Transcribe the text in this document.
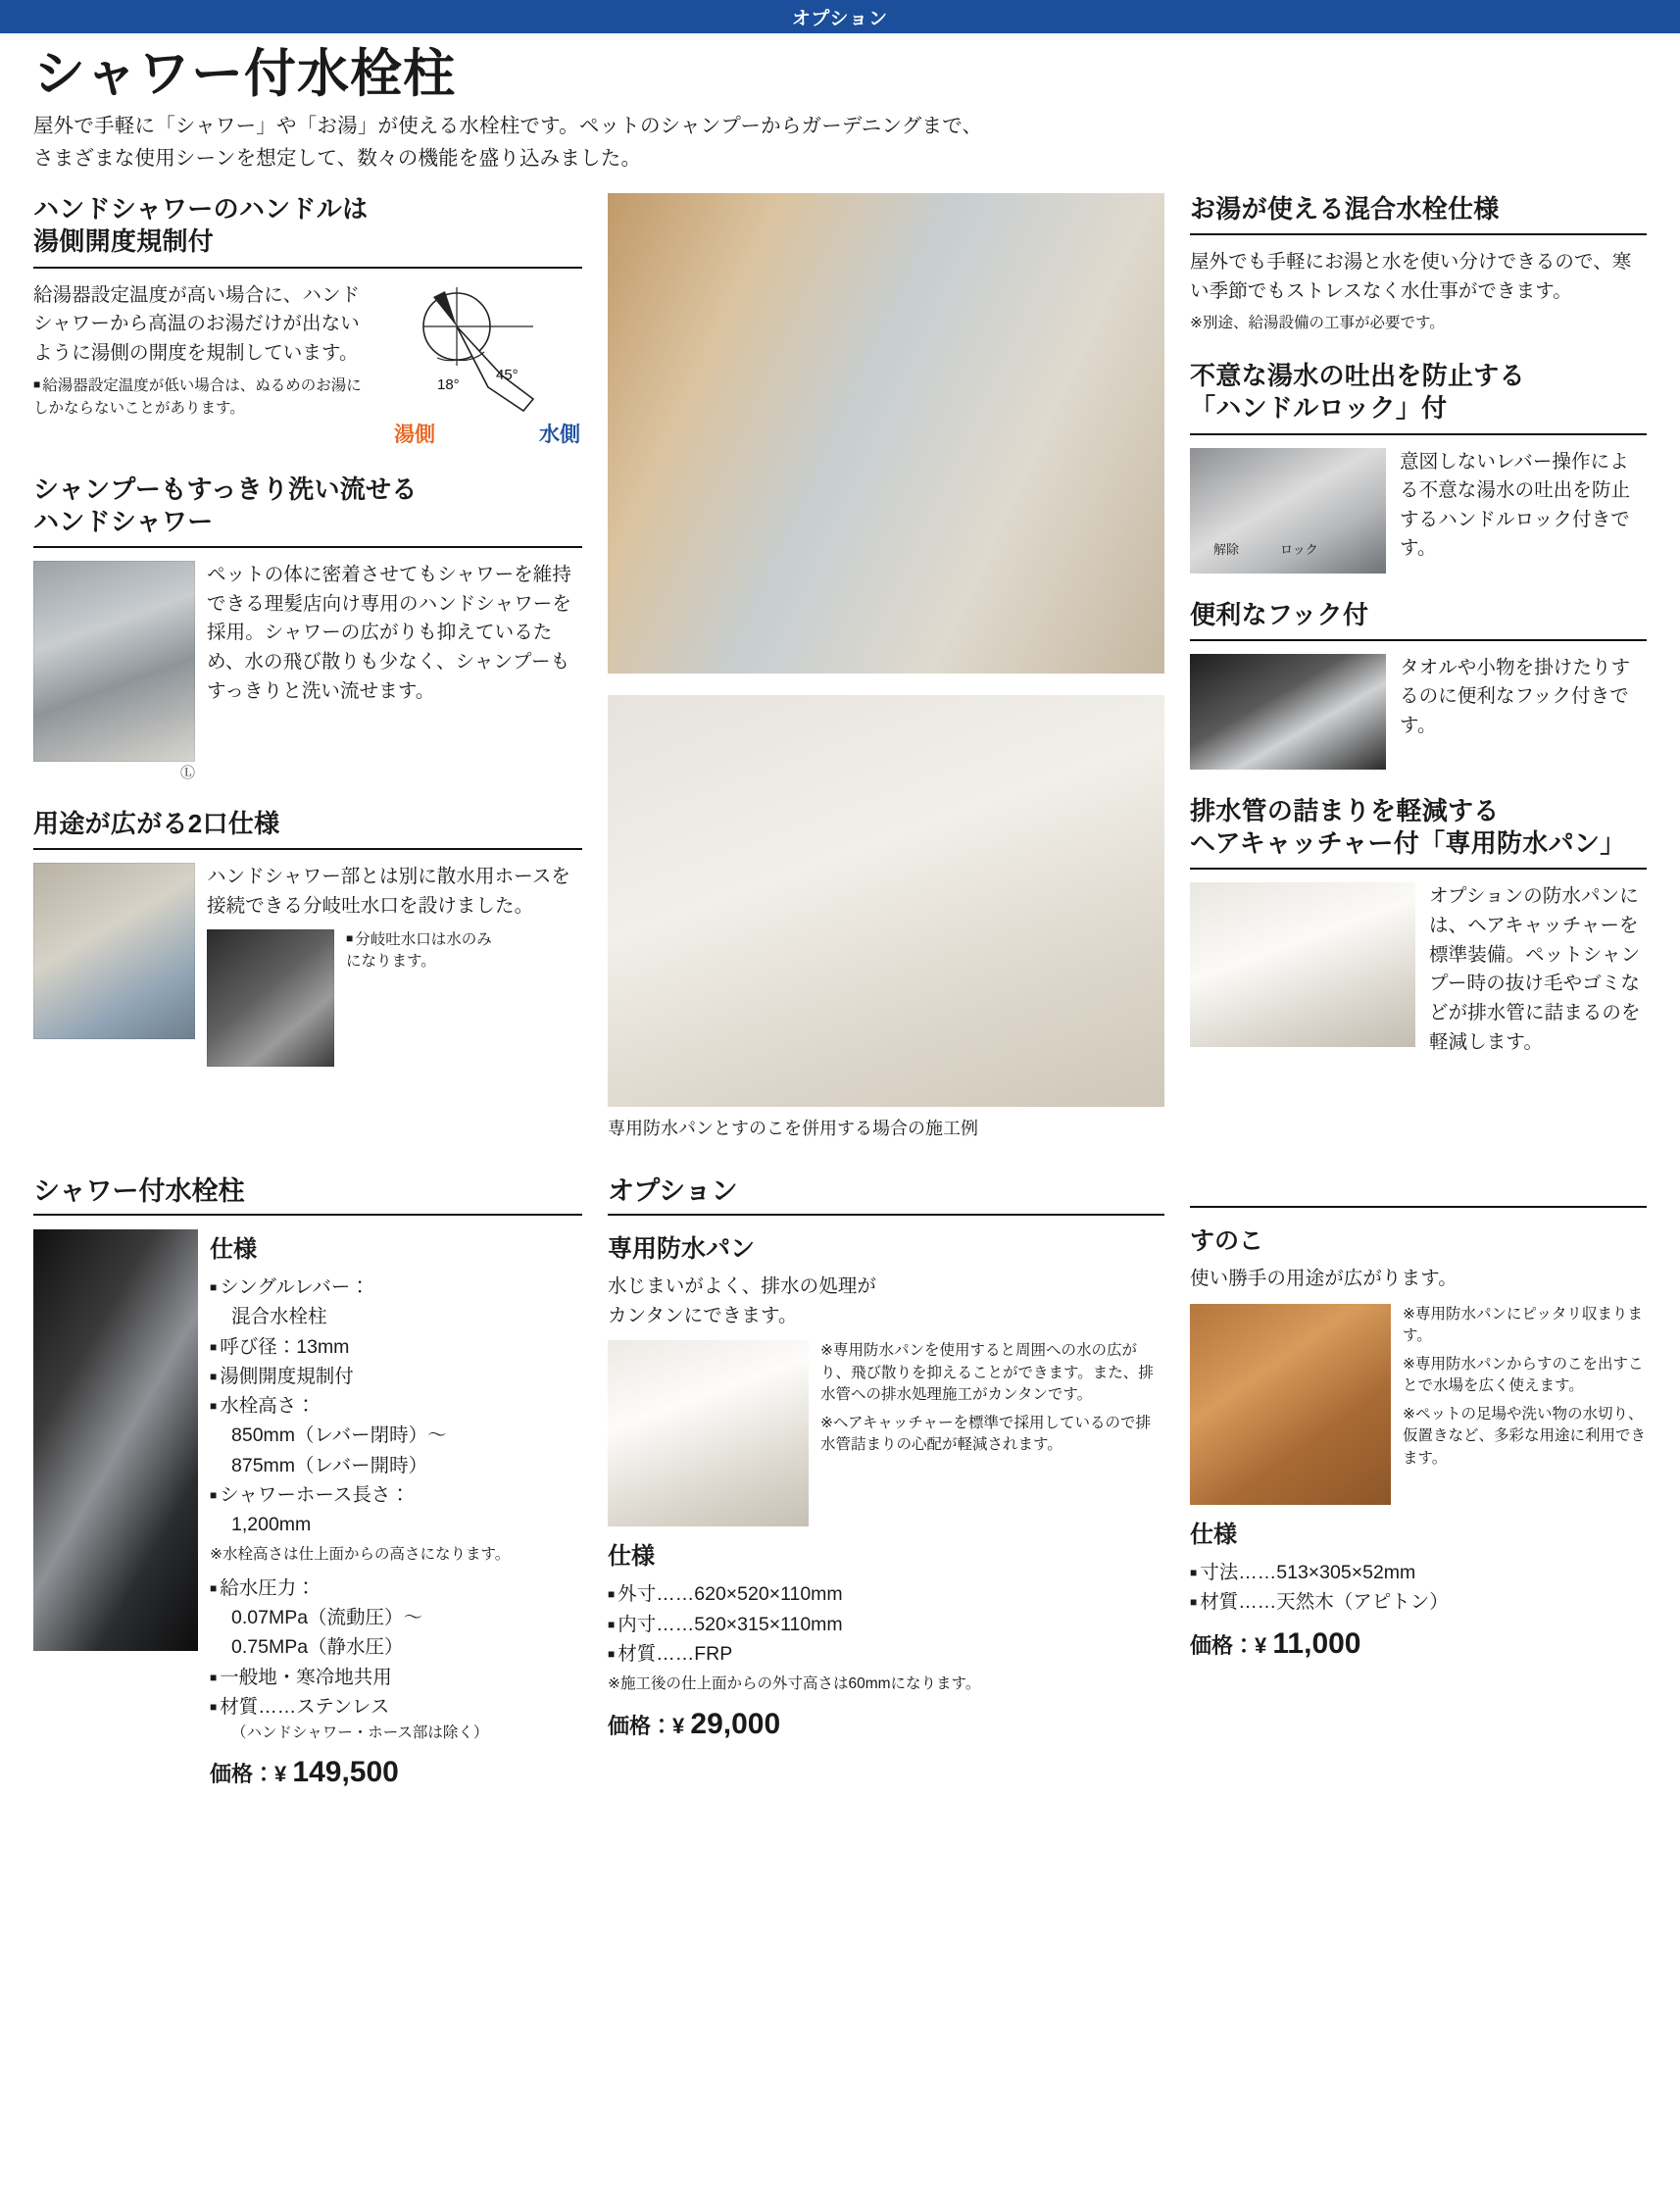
オプション
シャワー付水栓柱

屋外で手軽に「シャワー」や「お湯」が使える水栓柱です。ペットのシャンプーからガーデニングまで、

さまざまな使用シーンを想定して、数々の機能を盛り込みました。

ハンドシャワーのハンドルは
湯側開度規制付

給湯器設定温度が高い場合に、ハンドシャワーから高温のお湯だけが出ないように湯側の開度を規制しています。

■ 給湯器設定温度が低い場合は、ぬるめのお湯にしかならないことがあります。

18°
45°
湯側	水側
シャンプーもすっきり洗い流せる
ハンドシャワー
Ⓛ

ペットの体に密着させてもシャワーを維持できる理髪店向け専用のハンドシャワーを採用。シャワーの広がりも抑えているため、水の飛び散りも少なく、シャンプーもすっきりと洗い流せます。

用途が広がる2口仕様

ハンドシャワー部とは別に散水用ホースを接続できる分岐吐水口を設けました。

■ 分岐吐水口は水のみになります。

専用防水パンとすのこを併用する場合の施工例
お湯が使える混合水栓仕様

屋外でも手軽にお湯と水を使い分けできるので、寒い季節でもストレスなく水仕事ができます。

※別途、給湯設備の工事が必要です。

不意な湯水の吐出を防止する
「ハンドルロック」付
解除	ロック

意図しないレバー操作による不意な湯水の吐出を防止するハンドルロック付きです。

便利なフック付

タオルや小物を掛けたりするのに便利なフック付きです。

排水管の詰まりを軽減する
ヘアキャッチャー付「専用防水パン」

オプションの防水パンには、ヘアキャッチャーを標準装備。ペットシャンプー時の抜け毛やゴミなどが排水管に詰まるのを軽減します。

シャワー付水栓柱
仕様
■ シングルレバー：
混合水栓柱
■ 呼び径：13mm
■ 湯側開度規制付
■ 水栓高さ：
850mm（レバー閉時）〜
875mm（レバー開時）
■ シャワーホース長さ：
1,200mm

※水栓高さは仕上面からの高さになります。

■ 給水圧力：
0.07MPa（流動圧）〜
0.75MPa（静水圧）
■ 一般地・寒冷地共用
■ 材質……ステンレス
（ハンドシャワー・ホース部は除く）
価格：¥ 149,500
オプション
専用防水パン

水じまいがよく、排水の処理が
カンタンにできます。

※専用防水パンを使用すると周囲への水の広がり、飛び散りを抑えることができます。また、排水管への排水処理施工がカンタンです。

※ヘアキャッチャーを標準で採用しているので排水管詰まりの心配が軽減されます。

仕様
■ 外寸……620×520×110mm
■ 内寸……520×315×110mm
■ 材質……FRP

※施工後の仕上面からの外寸高さは60mmになります。

価格：¥ 29,000
すのこ

使い勝手の用途が広がります。

※専用防水パンにピッタリ収まります。

※専用防水パンからすのこを出すことで水場を広く使えます。

※ペットの足場や洗い物の水切り、仮置きなど、多彩な用途に利用できます。

仕様
■ 寸法……513×305×52mm
■ 材質……天然木（アピトン）
価格：¥ 11,000
